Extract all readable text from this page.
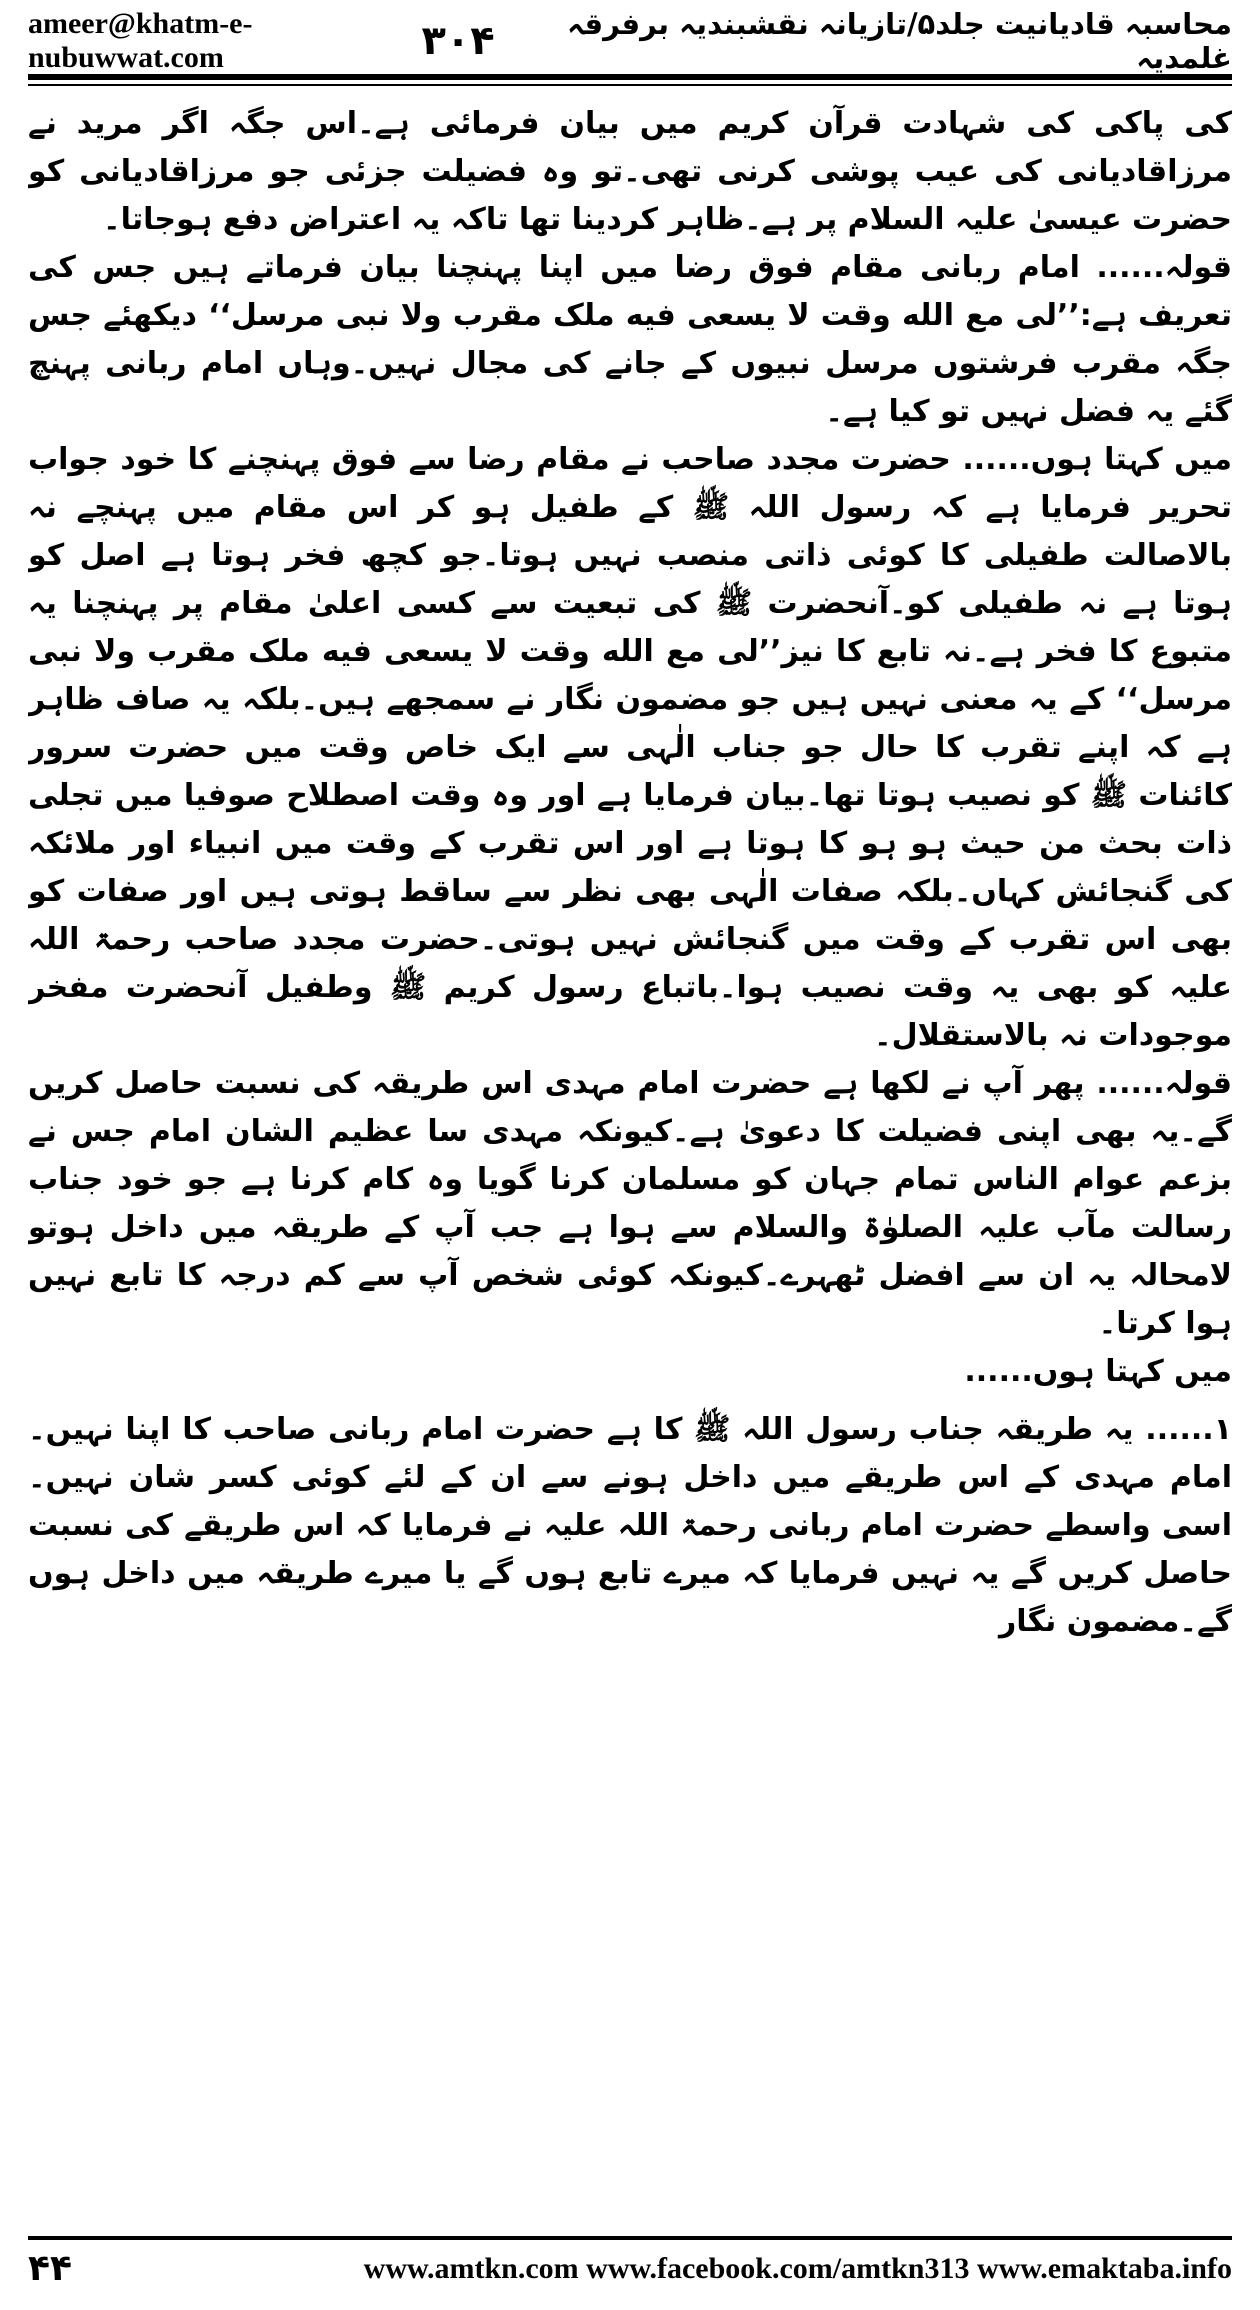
ameer@khatm-e-nubuwwat.com
محاسبہ قادیانیت جلد۵/تازیانہ نقشبندیہ برفرقہ غلمدیہ
۳۰۴

کی پاکی کی شہادت قرآن کریم میں بیان فرمائی ہے۔اس جگہ اگر مرید نے مرزاقادیانی کی عیب پوشی کرنی تھی۔تو وہ فضیلت جزئی جو مرزاقادیانی کو حضرت عیسیٰ علیہ السلام پر ہے۔ظاہر کردینا تھا تاکہ یہ اعتراض دفع ہوجاتا۔

قولہ...... امام ربانی مقام فوق رضا میں اپنا پہنچنا بیان فرماتے ہیں جس کی تعریف ہے:’’لی مع الله وقت لا یسعی فیه ملک مقرب ولا نبی مرسل‘‘ دیکھئے جس جگہ مقرب فرشتوں مرسل نبیوں کے جانے کی مجال نہیں۔وہاں امام ربانی پہنچ گئے یہ فضل نہیں تو کیا ہے۔

میں کہتا ہوں...... حضرت مجدد صاحب نے مقام رضا سے فوق پہنچنے کا خود جواب تحریر فرمایا ہے کہ رسول اللہ ﷺ کے طفیل ہو کر اس مقام میں پہنچے نہ بالاصالت طفیلی کا کوئی ذاتی منصب نہیں ہوتا۔جو کچھ فخر ہوتا ہے اصل کو ہوتا ہے نہ طفیلی کو۔آنحضرت ﷺ کی تبعیت سے کسی اعلیٰ مقام پر پہنچنا یہ متبوع کا فخر ہے۔نہ تابع کا نیز’’لی مع الله وقت لا یسعی فیه ملک مقرب ولا نبی مرسل‘‘ کے یہ معنی نہیں ہیں جو مضمون نگار نے سمجھے ہیں۔بلکہ یہ صاف ظاہر ہے کہ اپنے تقرب کا حال جو جناب الٰہی سے ایک خاص وقت میں حضرت سرور کائنات ﷺ کو نصیب ہوتا تھا۔بیان فرمایا ہے اور وہ وقت اصطلاح صوفیا میں تجلی ذات بحث من حیث ہو ہو کا ہوتا ہے اور اس تقرب کے وقت میں انبیاء اور ملائکہ کی گنجائش کہاں۔بلکہ صفات الٰہی بھی نظر سے ساقط ہوتی ہیں اور صفات کو بھی اس تقرب کے وقت میں گنجائش نہیں ہوتی۔حضرت مجدد صاحب رحمۃ اللہ علیہ کو بھی یہ وقت نصیب ہوا۔باتباع رسول کریم ﷺ وطفیل آنحضرت مفخر موجودات نہ بالاستقلال۔

قولہ...... پھر آپ نے لکھا ہے حضرت امام مہدی اس طریقہ کی نسبت حاصل کریں گے۔یہ بھی اپنی فضیلت کا دعویٰ ہے۔کیونکہ مہدی سا عظیم الشان امام جس نے بزعم عوام الناس تمام جہان کو مسلمان کرنا گویا وہ کام کرنا ہے جو خود جناب رسالت مآب علیہ الصلوٰۃ والسلام سے ہوا ہے جب آپ کے طریقہ میں داخل ہوتو لامحالہ یہ ان سے افضل ٹھہرے۔کیونکہ کوئی شخص آپ سے کم درجہ کا تابع نہیں ہوا کرتا۔

میں کہتا ہوں......

۱...... یہ طریقہ جناب رسول اللہ ﷺ کا ہے حضرت امام ربانی صاحب کا اپنا نہیں۔امام مہدی کے اس طریقے میں داخل ہونے سے ان کے لئے کوئی کسر شان نہیں۔اسی واسطے حضرت امام ربانی رحمۃ اللہ علیہ نے فرمایا کہ اس طریقے کی نسبت حاصل کریں گے یہ نہیں فرمایا کہ میرے تابع ہوں گے یا میرے طریقہ میں داخل ہوں گے۔مضمون نگار

۴۴	www.amtkn.com www.facebook.com/amtkn313 www.emaktaba.info
